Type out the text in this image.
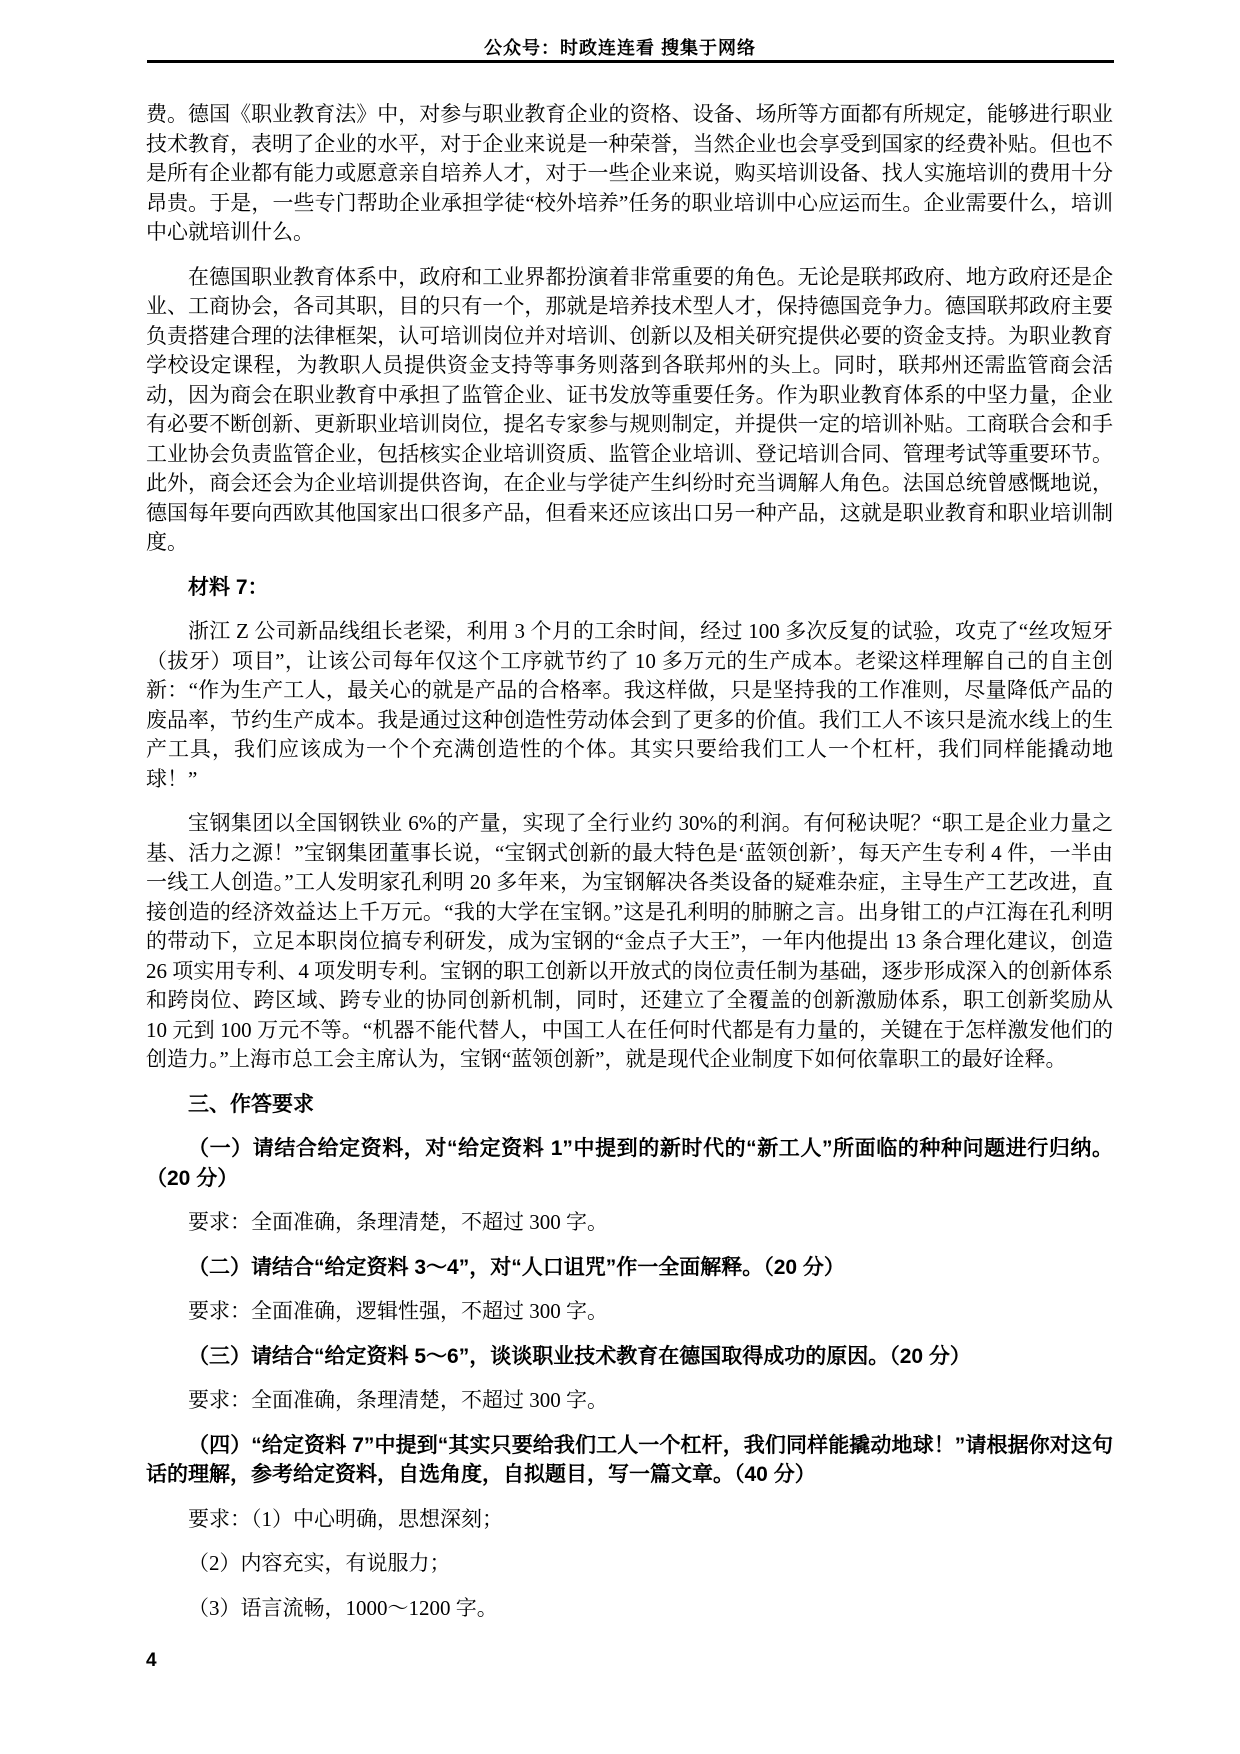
公众号：时政连连看 搜集于网络

费。德国《职业教育法》中，对参与职业教育企业的资格、设备、场所等方面都有所规定，能够进行职业技术教育，表明了企业的水平，对于企业来说是一种荣誉，当然企业也会享受到国家的经费补贴。但也不是所有企业都有能力或愿意亲自培养人才，对于一些企业来说，购买培训设备、找人实施培训的费用十分昂贵。于是，一些专门帮助企业承担学徒“校外培养”任务的职业培训中心应运而生。企业需要什么，培训中心就培训什么。

在德国职业教育体系中，政府和工业界都扮演着非常重要的角色。无论是联邦政府、地方政府还是企业、工商协会，各司其职，目的只有一个，那就是培养技术型人才，保持德国竞争力。德国联邦政府主要负责搭建合理的法律框架，认可培训岗位并对培训、创新以及相关研究提供必要的资金支持。为职业教育学校设定课程，为教职人员提供资金支持等事务则落到各联邦州的头上。同时，联邦州还需监管商会活动，因为商会在职业教育中承担了监管企业、证书发放等重要任务。作为职业教育体系的中坚力量，企业有必要不断创新、更新职业培训岗位，提名专家参与规则制定，并提供一定的培训补贴。工商联合会和手工业协会负责监管企业，包括核实企业培训资质、监管企业培训、登记培训合同、管理考试等重要环节。此外，商会还会为企业培训提供咨询，在企业与学徒产生纠纷时充当调解人角色。法国总统曾感慨地说，德国每年要向西欧其他国家出口很多产品，但看来还应该出口另一种产品，这就是职业教育和职业培训制度。

材料 7：

浙江 Z 公司新品线组长老梁，利用 3 个月的工余时间，经过 100 多次反复的试验，攻克了“丝攻短牙（拔牙）项目”，让该公司每年仅这个工序就节约了 10 多万元的生产成本。老梁这样理解自己的自主创新：“作为生产工人，最关心的就是产品的合格率。我这样做，只是坚持我的工作准则，尽量降低产品的废品率，节约生产成本。我是通过这种创造性劳动体会到了更多的价值。我们工人不该只是流水线上的生产工具，我们应该成为一个个充满创造性的个体。其实只要给我们工人一个杠杆，我们同样能撬动地球！”

宝钢集团以全国钢铁业 6%的产量，实现了全行业约 30%的利润。有何秘诀呢？“职工是企业力量之基、活力之源！”宝钢集团董事长说，“宝钢式创新的最大特色是‘蓝领创新’，每天产生专利 4 件，一半由一线工人创造。”工人发明家孔利明 20 多年来，为宝钢解决各类设备的疑难杂症，主导生产工艺改进，直接创造的经济效益达上千万元。“我的大学在宝钢。”这是孔利明的肺腑之言。出身钳工的卢江海在孔利明的带动下，立足本职岗位搞专利研发，成为宝钢的“金点子大王”，一年内他提出 13 条合理化建议，创造 26 项实用专利、4 项发明专利。宝钢的职工创新以开放式的岗位责任制为基础，逐步形成深入的创新体系和跨岗位、跨区域、跨专业的协同创新机制，同时，还建立了全覆盖的创新激励体系，职工创新奖励从 10 元到 100 万元不等。“机器不能代替人，中国工人在任何时代都是有力量的，关键在于怎样激发他们的创造力。”上海市总工会主席认为，宝钢“蓝领创新”，就是现代企业制度下如何依靠职工的最好诠释。

三、作答要求

（一）请结合给定资料，对“给定资料 1”中提到的新时代的“新工人”所面临的种种问题进行归纳。（20 分）

要求：全面准确，条理清楚，不超过 300 字。

（二）请结合“给定资料 3～4”，对“人口诅咒”作一全面解释。（20 分）

要求：全面准确，逻辑性强，不超过 300 字。

（三）请结合“给定资料 5～6”，谈谈职业技术教育在德国取得成功的原因。（20 分）

要求：全面准确，条理清楚，不超过 300 字。

（四）“给定资料 7”中提到“其实只要给我们工人一个杠杆，我们同样能撬动地球！”请根据你对这句话的理解，参考给定资料，自选角度，自拟题目，写一篇文章。（40 分）

要求：（1）中心明确，思想深刻；

（2）内容充实，有说服力；

（3）语言流畅，1000～1200 字。

4
